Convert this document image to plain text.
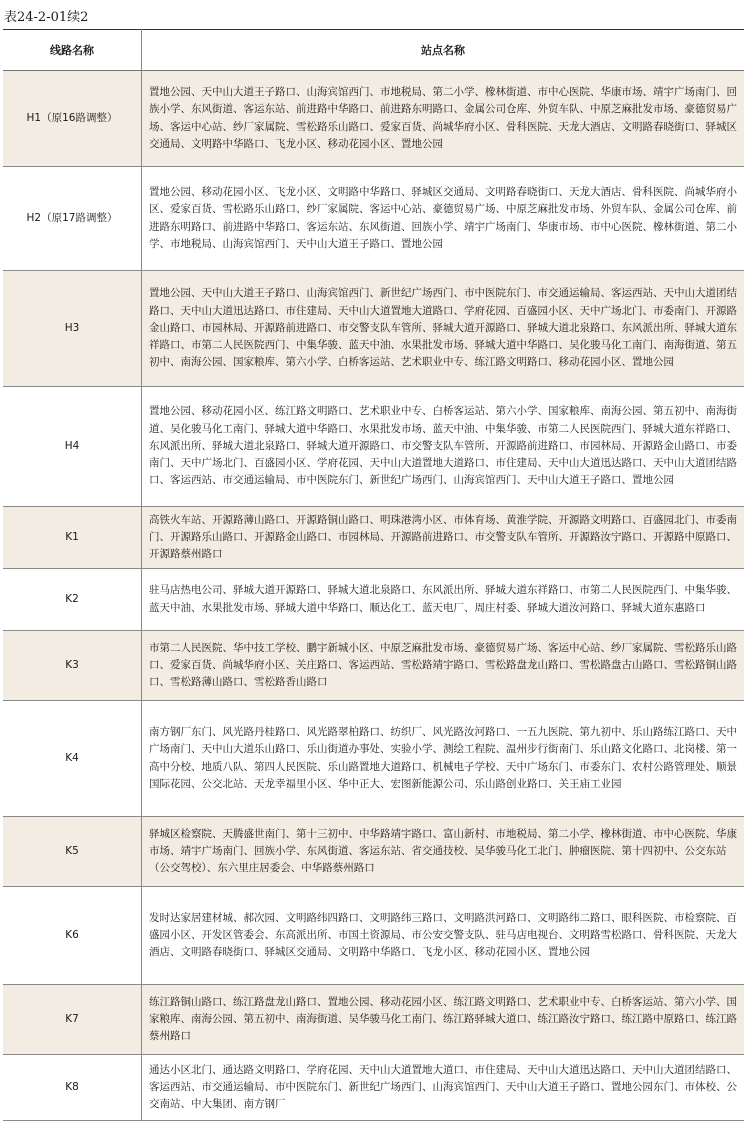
表24-2-01续2
线路名称	站点名称
H1（原16路调整）	置地公园、天中山大道王子路口、山海宾馆西门、市地税局、第二小学、橡林街道、市中心医院、华康市场、靖宇广场南门、回族小学、东风街道、客运东站、前进路中华路口、前进路东明路口、金属公司仓库、外贸车队、中原芝麻批发市场、豪德贸易广场、客运中心站、纱厂家属院、雪松路乐山路口、爱家百货、尚城华府小区、骨科医院、天龙大酒店、文明路春晓街口、驿城区交通局、文明路中华路口、飞龙小区、移动花园小区、置地公园
H2（原17路调整）	置地公园、移动花园小区、飞龙小区、文明路中华路口、驿城区交通局、文明路春晓街口、天龙大酒店、骨科医院、尚城华府小区、爱家百货、雪松路乐山路口、纱厂家属院、客运中心站、豪德贸易广场、中原芝麻批发市场、外贸车队、金属公司仓库、前进路东明路口、前进路中华路口、客运东站、东风街道、回族小学、靖宇广场南门、华康市场、市中心医院、橡林街道、第二小学、市地税局、山海宾馆西门、天中山大道王子路口、置地公园
H3	置地公园、天中山大道王子路口、山海宾馆西门、新世纪广场西门、市中医院东门、市交通运输局、客运西站、天中山大道团结路口、天中山大道迅达路口、市住建局、天中山大道置地大道路口、学府花园、百盛园小区、天中广场北门、市委南门、开源路金山路口、市园林局、开源路前进路口、市交警支队车管所、驿城大道开源路口、驿城大道北泉路口、东风派出所、驿城大道东祥路口、市第二人民医院西门、中集华骏、蓝天中油、水果批发市场、驿城大道中华路口、吴化骏马化工南门、南海街道、第五初中、南海公园、国家粮库、第六小学、白桥客运站、艺术职业中专、练江路文明路口、移动花园小区、置地公园
H4	置地公园、移动花园小区、练江路文明路口、艺术职业中专、白桥客运站、第六小学、国家粮库、南海公园、第五初中、南海街道、吴化骏马化工南门、驿城大道中华路口、水果批发市场、蓝天中油、中集华骏、市第二人民医院西门、驿城大道东祥路口、东风派出所、驿城大道北泉路口、驿城大道开源路口、市交警支队车管所、开源路前进路口、市园林局、开源路金山路口、市委南门、天中广场北门、百盛园小区、学府花园、天中山大道置地大道路口、市住建局、天中山大道迅达路口、天中山大道团结路口、客运西站、市交通运输局、市中医院东门、新世纪广场西门、山海宾馆西门、天中山大道王子路口、置地公园
K1	高铁火车站、开源路薄山路口、开源路铜山路口、明珠港湾小区、市体育场、黄淮学院、开源路文明路口、百盛园北门、市委南门、开源路乐山路口、开源路金山路口、市园林局、开源路前进路口、市交警支队车管所、开源路汝宁路口、开源路中原路口、开源路蔡州路口
K2	驻马店热电公司、驿城大道开源路口、驿城大道北泉路口、东风派出所、驿城大道东祥路口、市第二人民医院西门、中集华骏、蓝天中油、水果批发市场、驿城大道中华路口、顺达化工、蓝天电厂、周庄村委、驿城大道汝河路口、驿城大道东惠路口
K3	市第二人民医院、华中技工学校、鹏宇新城小区、中原芝麻批发市场、豪德贸易广场、客运中心站、纱厂家属院、雪松路乐山路口、爱家百货、尚城华府小区、关庄路口、客运西站、雪松路靖宇路口、雪松路盘龙山路口、雪松路盘古山路口、雪松路铜山路口、雪松路薄山路口、雪松路香山路口
K4	南方钢厂东门、风光路丹桂路口、风光路翠柏路口、纺织厂、风光路汝河路口、一五九医院、第九初中、乐山路练江路口、天中广场南门、天中山大道乐山路口、乐山街道办事处、实验小学、测绘工程院、温州步行街南门、乐山路文化路口、北岗楼、第一高中分校、地质八队、第四人民医院、乐山路置地大道路口、机械电子学校、天中广场东门、市委东门、农村公路管理处、顺景国际花园、公交北站、天龙幸福里小区、华中正大、宏图新能源公司、乐山路创业路口、关王庙工业园
K5	驿城区检察院、天腾盛世南门、第十三初中、中华路靖宇路口、富山新村、市地税局、第二小学、橡林街道、市中心医院、华康市场、靖宇广场南门、回族小学、东风街道、客运东站、省交通技校、吴华骏马化工北门、肿瘤医院、第十四初中、公交东站（公交驾校）、东六里庄居委会、中华路蔡州路口
K6	发时达家居建材城、郝次园、文明路纬四路口、文明路纬三路口、文明路洪河路口、文明路纬二路口、眼科医院、市检察院、百盛园小区、开发区管委会、东高派出所、市国土资源局、市公安交警支队、驻马店电视台、文明路雪松路口、骨科医院、天龙大酒店、文明路春晓街口、驿城区交通局、文明路中华路口、飞龙小区、移动花园小区、置地公园
K7	练江路铜山路口、练江路盘龙山路口、置地公园、移动花园小区、练江路文明路口、艺术职业中专、白桥客运站、第六小学、国家粮库、南海公园、第五初中、南海街道、吴华骏马化工南门、练江路驿城大道口、练江路汝宁路口、练江路中原路口、练江路蔡州路口
K8	通达小区北门、通达路文明路口、学府花园、天中山大道置地大道口、市住建局、天中山大道迅达路口、天中山大道团结路口、客运西站、市交通运输局、市中医院东门、新世纪广场西门、山海宾馆西门、天中山大道王子路口、置地公园东门、市体校、公交南站、中大集团、南方钢厂
